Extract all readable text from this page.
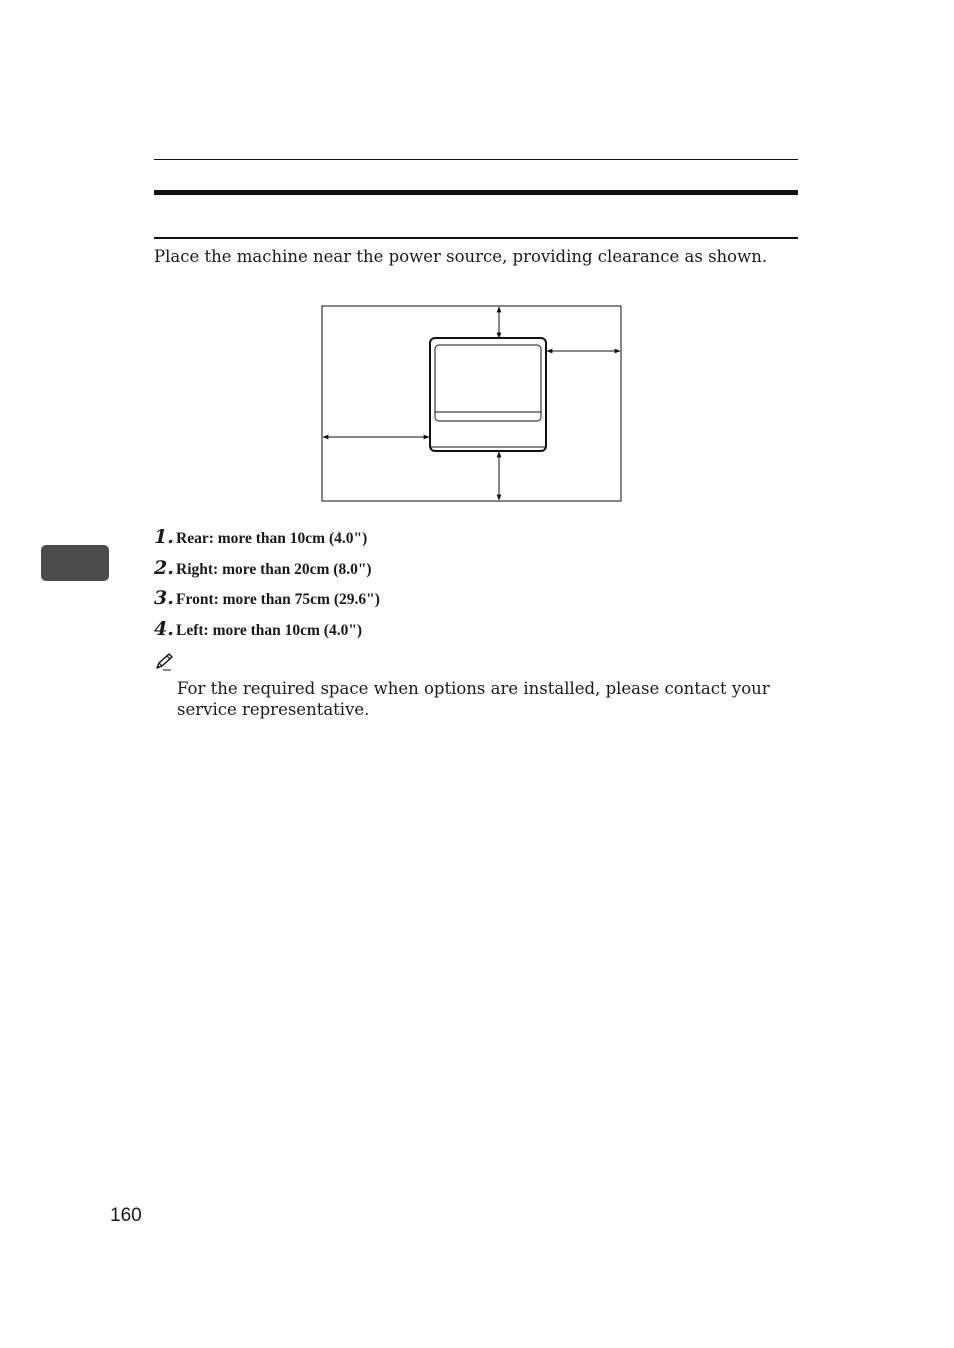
Place the machine near the power source, providing clearance as shown.

1. Rear: more than 10cm (4.0")
2. Right: more than 20cm (8.0")
3. Front: more than 75cm (29.6")
4. Left: more than 10cm (4.0")

For the required space when options are installed, please contact your service representative.

160
